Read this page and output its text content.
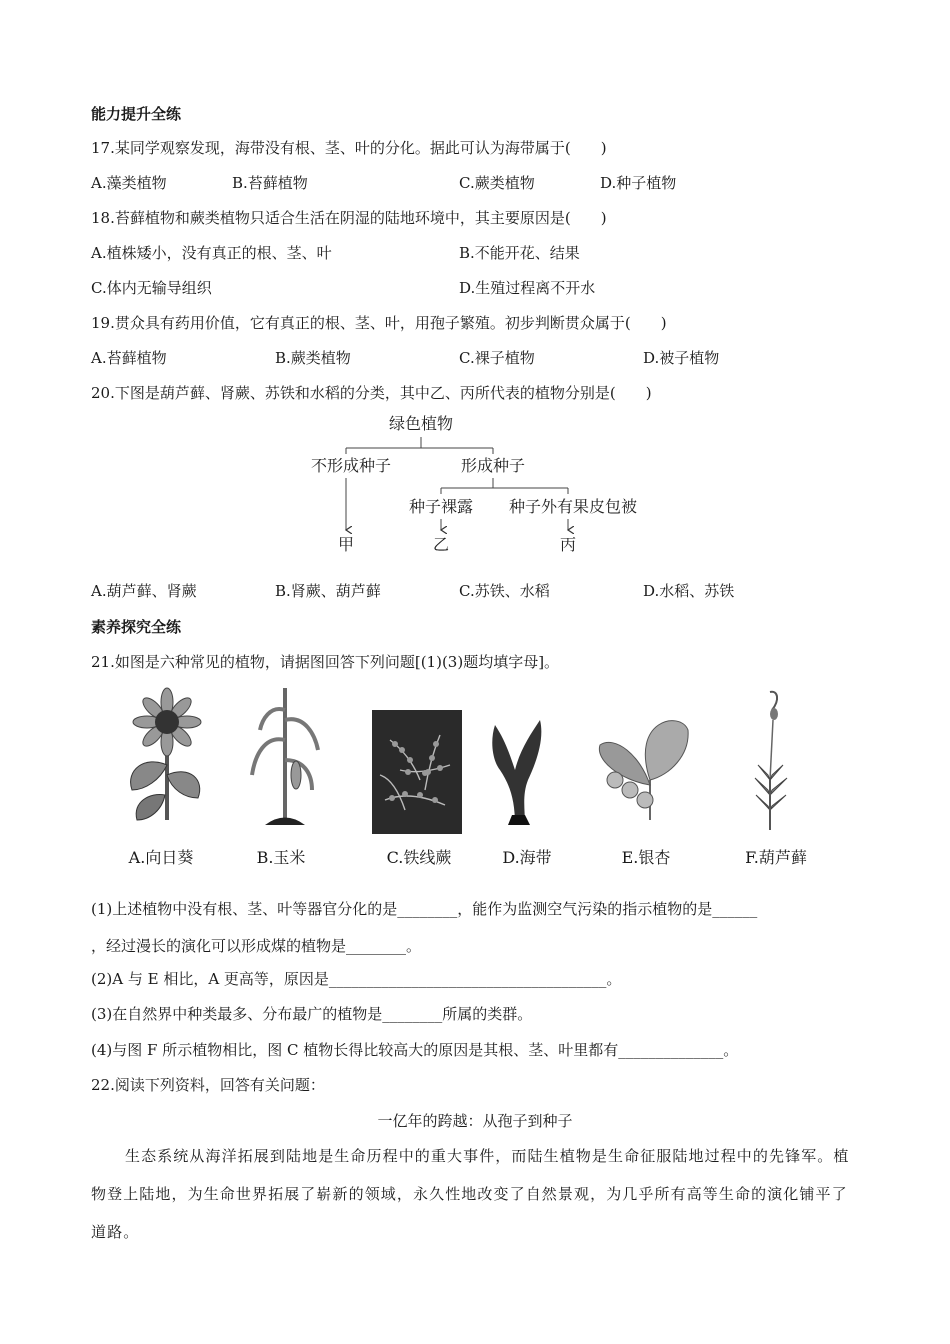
能力提升全练
17.某同学观察发现，海带没有根、茎、叶的分化。据此可认为海带属于(　　)
A.藻类植物	B.苔藓植物	C.蕨类植物	D.种子植物
18.苔藓植物和蕨类植物只适合生活在阴湿的陆地环境中，其主要原因是(　　)
A.植株矮小，没有真正的根、茎、叶	B.不能开花、结果
C.体内无输导组织	D.生殖过程离不开水
19.贯众具有药用价值，它有真正的根、茎、叶，用孢子繁殖。初步判断贯众属于(　　)
A.苔藓植物	B.蕨类植物	C.裸子植物	D.被子植物
20.下图是葫芦藓、肾蕨、苏铁和水稻的分类，其中乙、丙所代表的植物分别是(　　)
绿色植物
不形成种子	形成种子
种子裸露 种子外有果皮包被
甲	乙	丙
A.葫芦藓、肾蕨	B.肾蕨、葫芦藓	C.苏铁、水稻	D.水稻、苏铁
素养探究全练
21.如图是六种常见的植物，请据图回答下列问题[(1)(3)题均填字母]。
A.向日葵	B.玉米	C.铁线蕨	D.海带	E.银杏	F.葫芦藓
(1)上述植物中没有根、茎、叶等器官分化的是________，能作为监测空气污染的指示植物的是______
，经过漫长的演化可以形成煤的植物是________。
(2)A 与 E 相比，A 更高等，原因是_____________________________________。
(3)在自然界中种类最多、分布最广的植物是________所属的类群。
(4)与图 F 所示植物相比，图 C 植物长得比较高大的原因是其根、茎、叶里都有______________。
22.阅读下列资料，回答有关问题：
一亿年的跨越：从孢子到种子
生态系统从海洋拓展到陆地是生命历程中的重大事件，而陆生植物是生命征服陆地过程中的先锋军。植物登上陆地，为生命世界拓展了崭新的领域，永久性地改变了自然景观，为几乎所有高等生命的演化铺平了道路。
